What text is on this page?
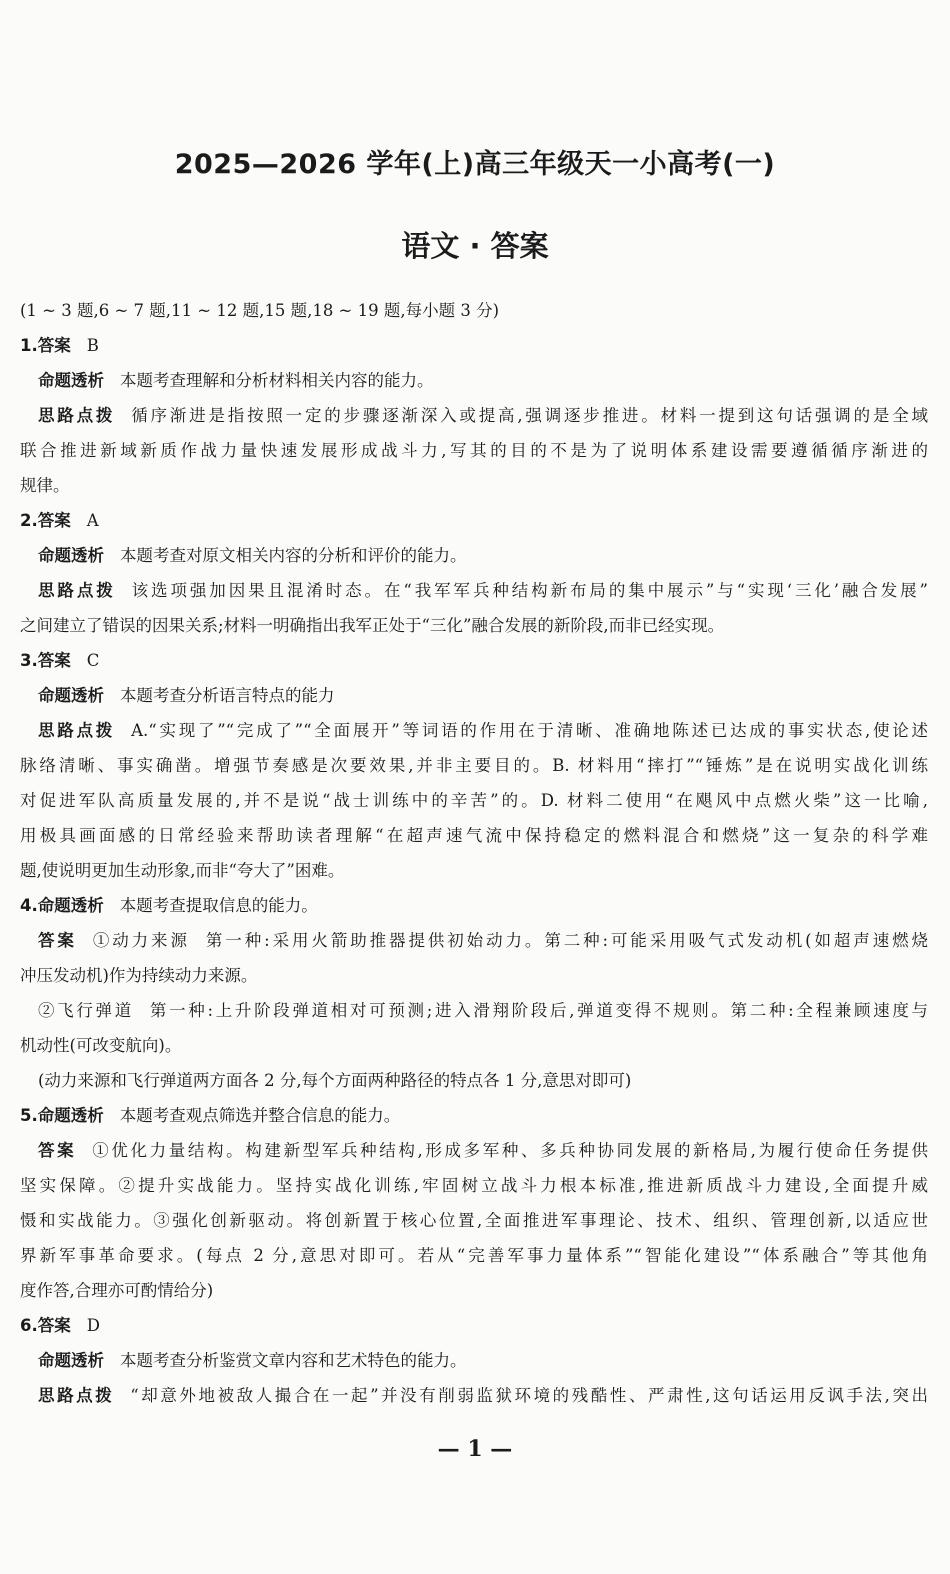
2025—2026 学年(上)高三年级天一小高考(一)
语文 · 答案
(1 ~ 3 题,6 ~ 7 题,11 ~ 12 题,15 题,18 ~ 19 题,每小题 3 分)
1.答案 B
命题透析 本题考查理解和分析材料相关内容的能力。
思路点拨 循序渐进是指按照一定的步骤逐渐深入或提高,强调逐步推进。材料一提到这句话强调的是全域
联合推进新域新质作战力量快速发展形成战斗力,写其的目的不是为了说明体系建设需要遵循循序渐进的
规律。
2.答案 A
命题透析 本题考查对原文相关内容的分析和评价的能力。
思路点拨 该选项强加因果且混淆时态。在“我军军兵种结构新布局的集中展示”与“实现‘三化’融合发展”
之间建立了错误的因果关系;材料一明确指出我军正处于“三化”融合发展的新阶段,而非已经实现。
3.答案 C
命题透析 本题考查分析语言特点的能力
思路点拨 A.“实现了”“完成了”“全面展开”等词语的作用在于清晰、准确地陈述已达成的事实状态,使论述
脉络清晰、事实确凿。增强节奏感是次要效果,并非主要目的。B. 材料用“摔打”“锤炼”是在说明实战化训练
对促进军队高质量发展的,并不是说“战士训练中的辛苦”的。D. 材料二使用“在飓风中点燃火柴”这一比喻,
用极具画面感的日常经验来帮助读者理解“在超声速气流中保持稳定的燃料混合和燃烧”这一复杂的科学难
题,使说明更加生动形象,而非“夸大了”困难。
4.命题透析 本题考查提取信息的能力。
答案 ①动力来源 第一种:采用火箭助推器提供初始动力。第二种:可能采用吸气式发动机(如超声速燃烧
冲压发动机)作为持续动力来源。
②飞行弹道 第一种:上升阶段弹道相对可预测;进入滑翔阶段后,弹道变得不规则。第二种:全程兼顾速度与
机动性(可改变航向)。
(动力来源和飞行弹道两方面各 2 分,每个方面两种路径的特点各 1 分,意思对即可)
5.命题透析 本题考查观点筛选并整合信息的能力。
答案 ①优化力量结构。构建新型军兵种结构,形成多军种、多兵种协同发展的新格局,为履行使命任务提供
坚实保障。②提升实战能力。坚持实战化训练,牢固树立战斗力根本标准,推进新质战斗力建设,全面提升威
慑和实战能力。③强化创新驱动。将创新置于核心位置,全面推进军事理论、技术、组织、管理创新,以适应世
界新军事革命要求。(每点 2 分,意思对即可。若从“完善军事力量体系”“智能化建设”“体系融合”等其他角
度作答,合理亦可酌情给分)
6.答案 D
命题透析 本题考查分析鉴赏文章内容和艺术特色的能力。
思路点拨 “却意外地被敌人撮合在一起”并没有削弱监狱环境的残酷性、严肃性,这句话运用反讽手法,突出
— 1 —
